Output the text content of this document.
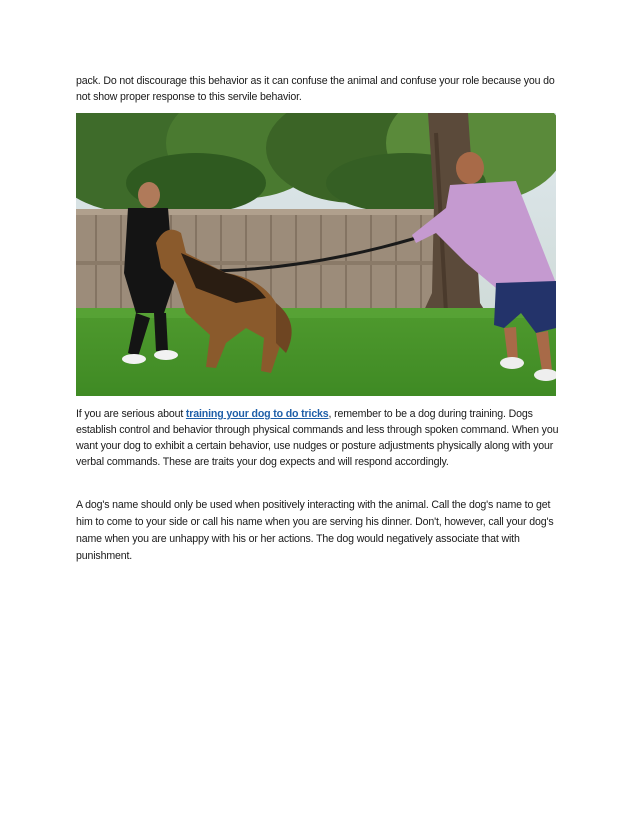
pack. Do not discourage this behavior as it can confuse the animal and confuse your role because you do not show proper response to this servile behavior.

If you are serious about training your dog to do tricks, remember to be a dog during training. Dogs establish control and behavior through physical commands and less through spoken command. When you want your dog to exhibit a certain behavior, use nudges or posture adjustments physically along with your verbal commands. These are traits your dog expects and will respond accordingly.

A dog's name should only be used when positively interacting with the animal. Call the dog's name to get him to come to your side or call his name when you are serving his dinner. Don't, however, call your dog's name when you are unhappy with his or her actions. The dog would negatively associate that with punishment.
